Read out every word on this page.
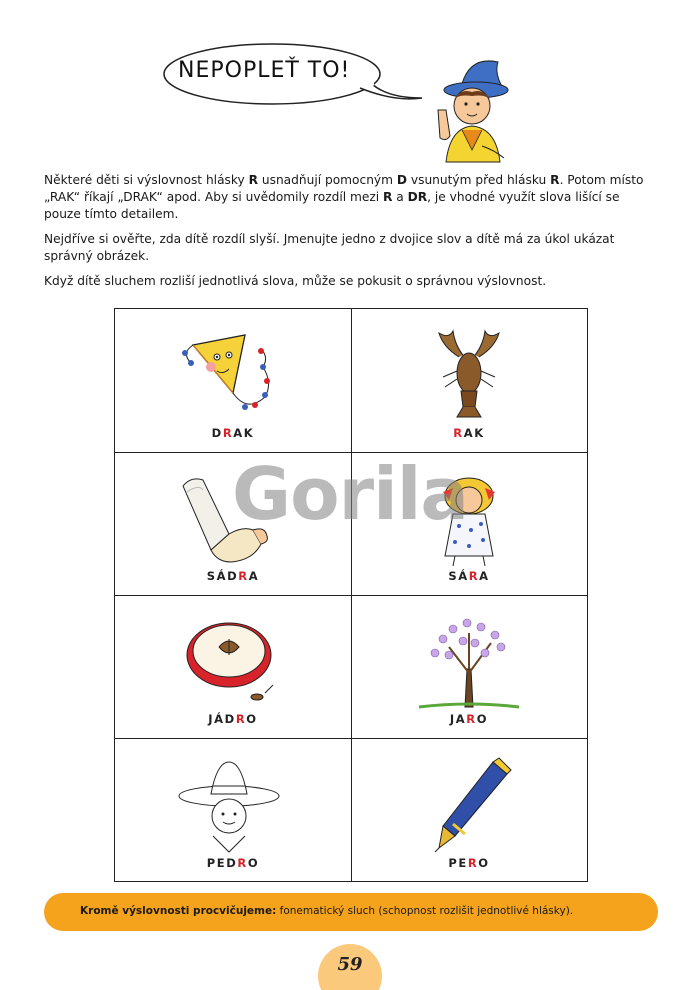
NEPOPLEŤ TO!

Některé děti si výslovnost hlásky R usnadňují pomocným D vsunutým před hlásku R. Potom místo „RAK“ říkají „DRAK“ apod. Aby si uvědomily rozdíl mezi R a DR, je vhodné využít slova lišící se pouze tímto detailem.

Nejdříve si ověřte, zda dítě rozdíl slyší. Jmenujte jedno z dvojice slov a dítě má za úkol ukázat správný obrázek.

Když dítě sluchem rozliší jednotlivá slova, může se pokusit o správnou výslovnost.

DRAK	RAK
SÁDRA	SÁRA
JÁDRO	JARO
PEDRO	PERO
Gorila
Kromě výslovnosti procvičujeme: fonematický sluch (schopnost rozlišit jednotlivé hlásky).
59
